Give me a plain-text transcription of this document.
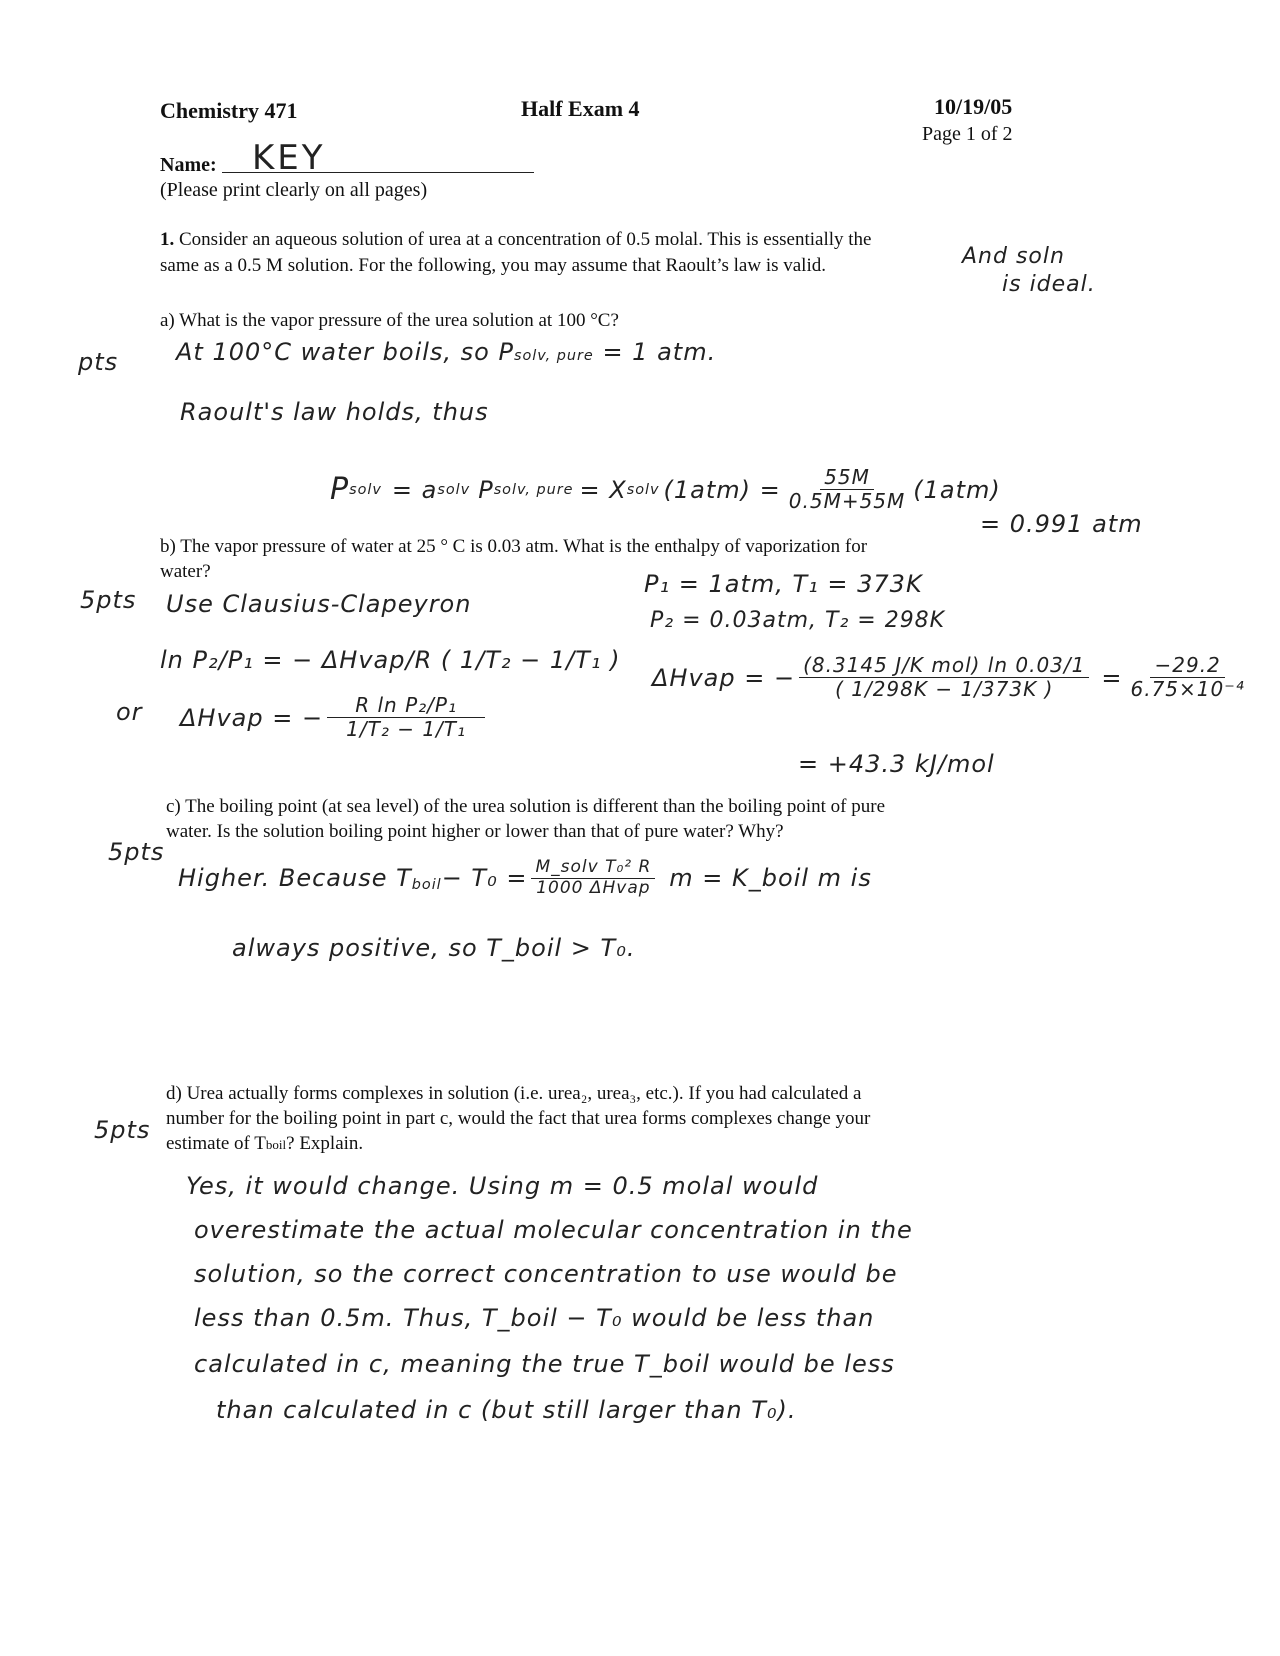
Chemistry 471	Half Exam 4	10/19/05
Page 1 of 2
Name: KEY
(Please print clearly on all pages)
1. Consider an aqueous solution of urea at a concentration of 0.5 molal. This is essentially the
same as a 0.5 M solution. For the following, you may assume that Raoult’s law is valid.	And soln
is ideal.
a) What is the vapor pressure of the urea solution at 100 °C?
pts At 100°C water boils, so Psolv, pure = 1 atm.
Raoult's law holds, thus
P solv = a solv P solv, pure = X solv $(1atm) = \frac{55M}{0.5M+55M} (1atm)$
= 0.991 atm
b) The vapor pressure of water at 25 ° C is 0.03 atm. What is the enthalpy of vaporization for
water?
5pts Use Clausius-Clapeyron
ln P₂/P₁ = − ΔHvap/R ( 1/T₂ − 1/T₁ )
or ΔHvap = − $\frac{\text{R ln P₂/P₁}}{\text{1/T₂ − 1/T₁}}$
P₁ = 1atm, T₁ = 373K
P₂ = 0.03atm, T₂ = 298K
ΔHvap = − $\frac{\text{(8.3145 J/K mol) ln 0.03/1}}{( 1/298K - 1/373K )} = \frac{-29.2}{\text{6.75×10⁻⁴}}$
= +43.3 kJ/mol
c) The boiling point (at sea level) of the urea solution is different than the boiling point of pure
water. Is the solution boiling point higher or lower than that of pure water? Why?
5pts
Higher. Because T boil − $T_0 = \frac{\text{M\_solv T₀² R}}{\text{1000 ΔHvap}}$ m = K_boil m is
always positive, so T_boil > T₀.
d) Urea actually forms complexes in solution (i.e. urea₂, urea₃, etc.). If you had calculated a
number for the boiling point in part c, would the fact that urea forms complexes change your
estimate of Tboil? Explain.
5pts
Yes, it would change. Using m = 0.5 molal would
overestimate the actual molecular concentration in the
solution, so the correct concentration to use would be
less than 0.5m. Thus, T_boil − T₀ would be less than
calculated in c, meaning the true T_boil would be less
than calculated in c (but still larger than T₀).
